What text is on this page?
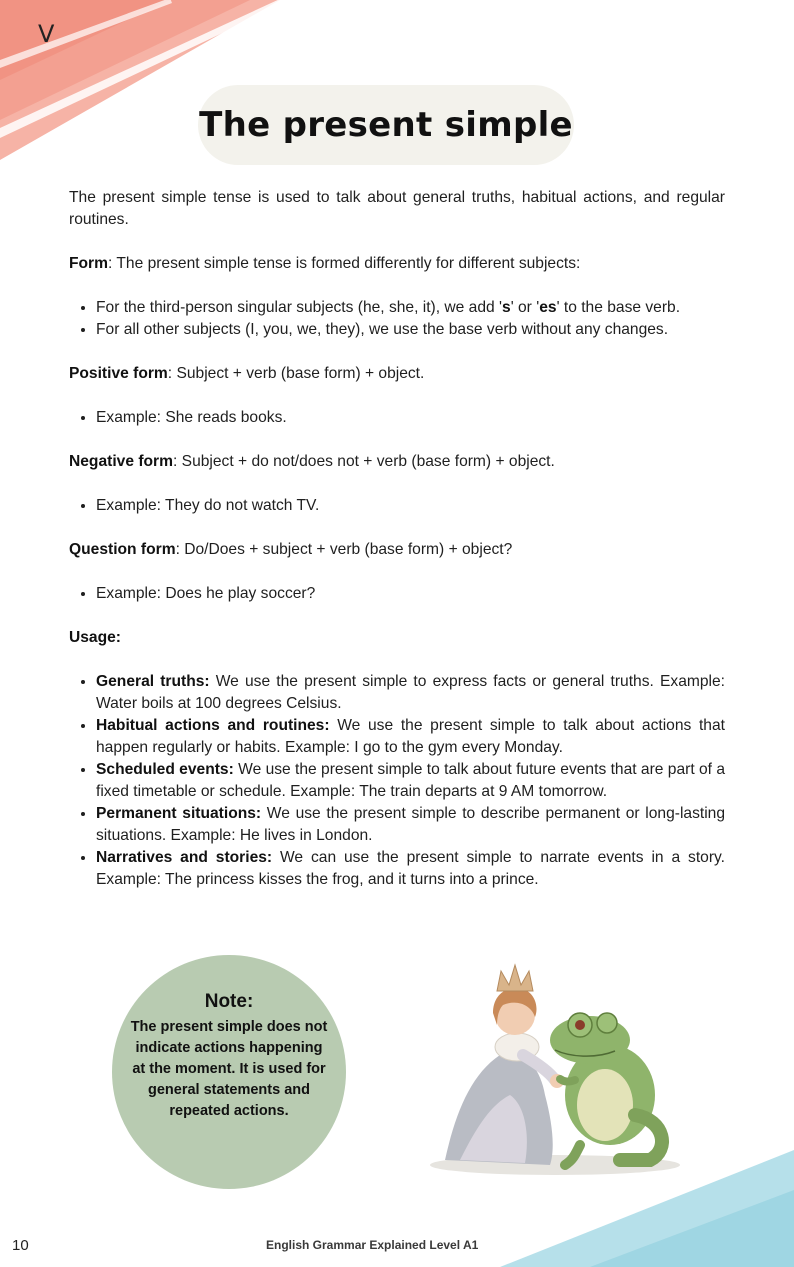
V
The present simple

The present simple tense is used to talk about general truths, habitual actions, and regular routines.

Form: The present simple tense is formed differently for different subjects:

• For the third-person singular subjects (he, she, it), we add 's' or 'es' to the base verb.
• For all other subjects (I, you, we, they), we use the base verb without any changes.

Positive form: Subject + verb (base form) + object.

• Example: She reads books.

Negative form: Subject + do not/does not + verb (base form) + object.

• Example: They do not watch TV.

Question form: Do/Does + subject + verb (base form) + object?

• Example: Does he play soccer?

Usage:

• General truths: We use the present simple to express facts or general truths. Example: Water boils at 100 degrees Celsius.
• Habitual actions and routines: We use the present simple to talk about actions that happen regularly or habits. Example: I go to the gym every Monday.
• Scheduled events: We use the present simple to talk about future events that are part of a fixed timetable or schedule. Example: The train departs at 9 AM tomorrow.
• Permanent situations: We use the present simple to describe permanent or long-lasting situations. Example: He lives in London.
• Narratives and stories: We can use the present simple to narrate events in a story. Example: The princess kisses the frog, and it turns into a prince.
Note:
The present simple does not indicate actions happening at the moment. It is used for general statements and repeated actions.
10	English Grammar Explained Level A1
